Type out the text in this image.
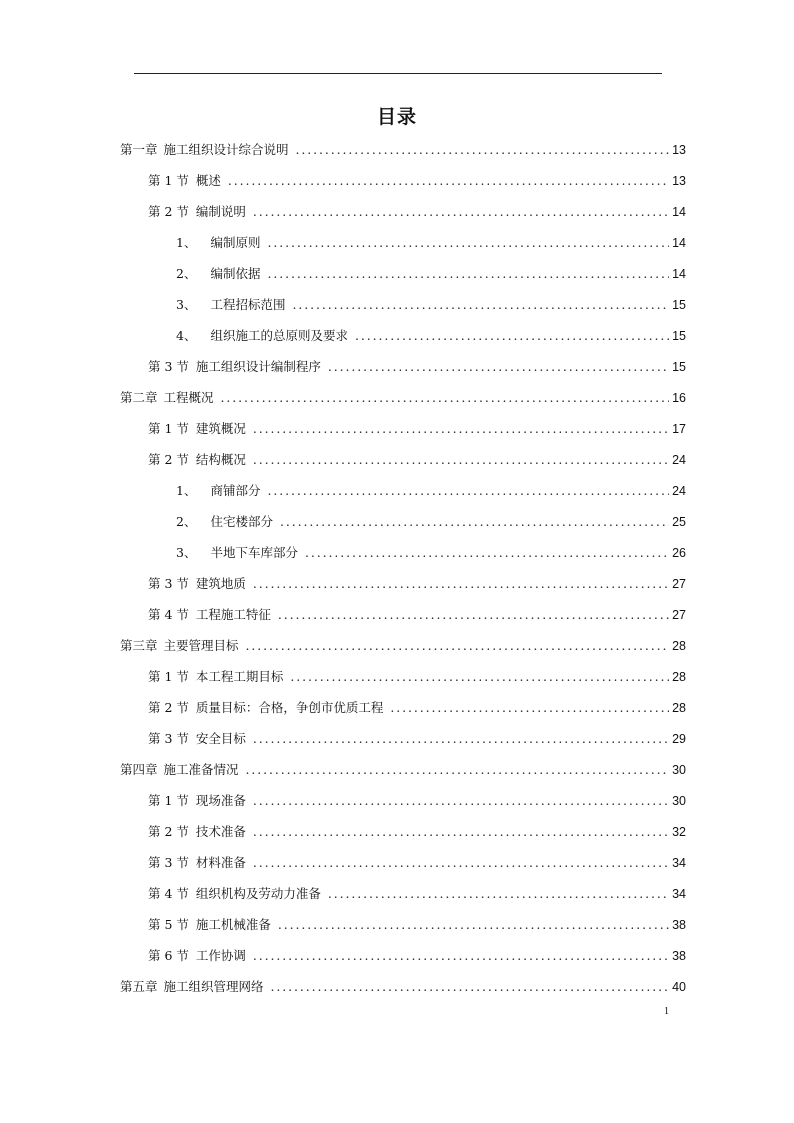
目录
第一章 施工组织设计综合说明 .....	13
第 1 节 概述 .....	13
第 2 节 编制说明 .....	14
1、 编制原则 .....	14
2、 编制依据 .....	14
3、 工程招标范围 .....	15
4、 组织施工的总原则及要求 .....	15
第 3 节 施工组织设计编制程序 .....	15
第二章 工程概况 .....	16
第 1 节 建筑概况 .....	17
第 2 节 结构概况 .....	24
1、 商铺部分 .....	24
2、 住宅楼部分 .....	25
3、 半地下车库部分 .....	26
第 3 节 建筑地质 .....	27
第 4 节 工程施工特征 .....	27
第三章 主要管理目标 .....	28
第 1 节 本工程工期目标 .....	28
第 2 节 质量目标：合格，争创市优质工程 .....	28
第 3 节 安全目标 .....	29
第四章 施工准备情况 .....	30
第 1 节 现场准备 .....	30
第 2 节 技术准备 .....	32
第 3 节 材料准备 .....	34
第 4 节 组织机构及劳动力准备 .....	34
第 5 节 施工机械准备 .....	38
第 6 节 工作协调 .....	38
第五章 施工组织管理网络 .....	40
1
